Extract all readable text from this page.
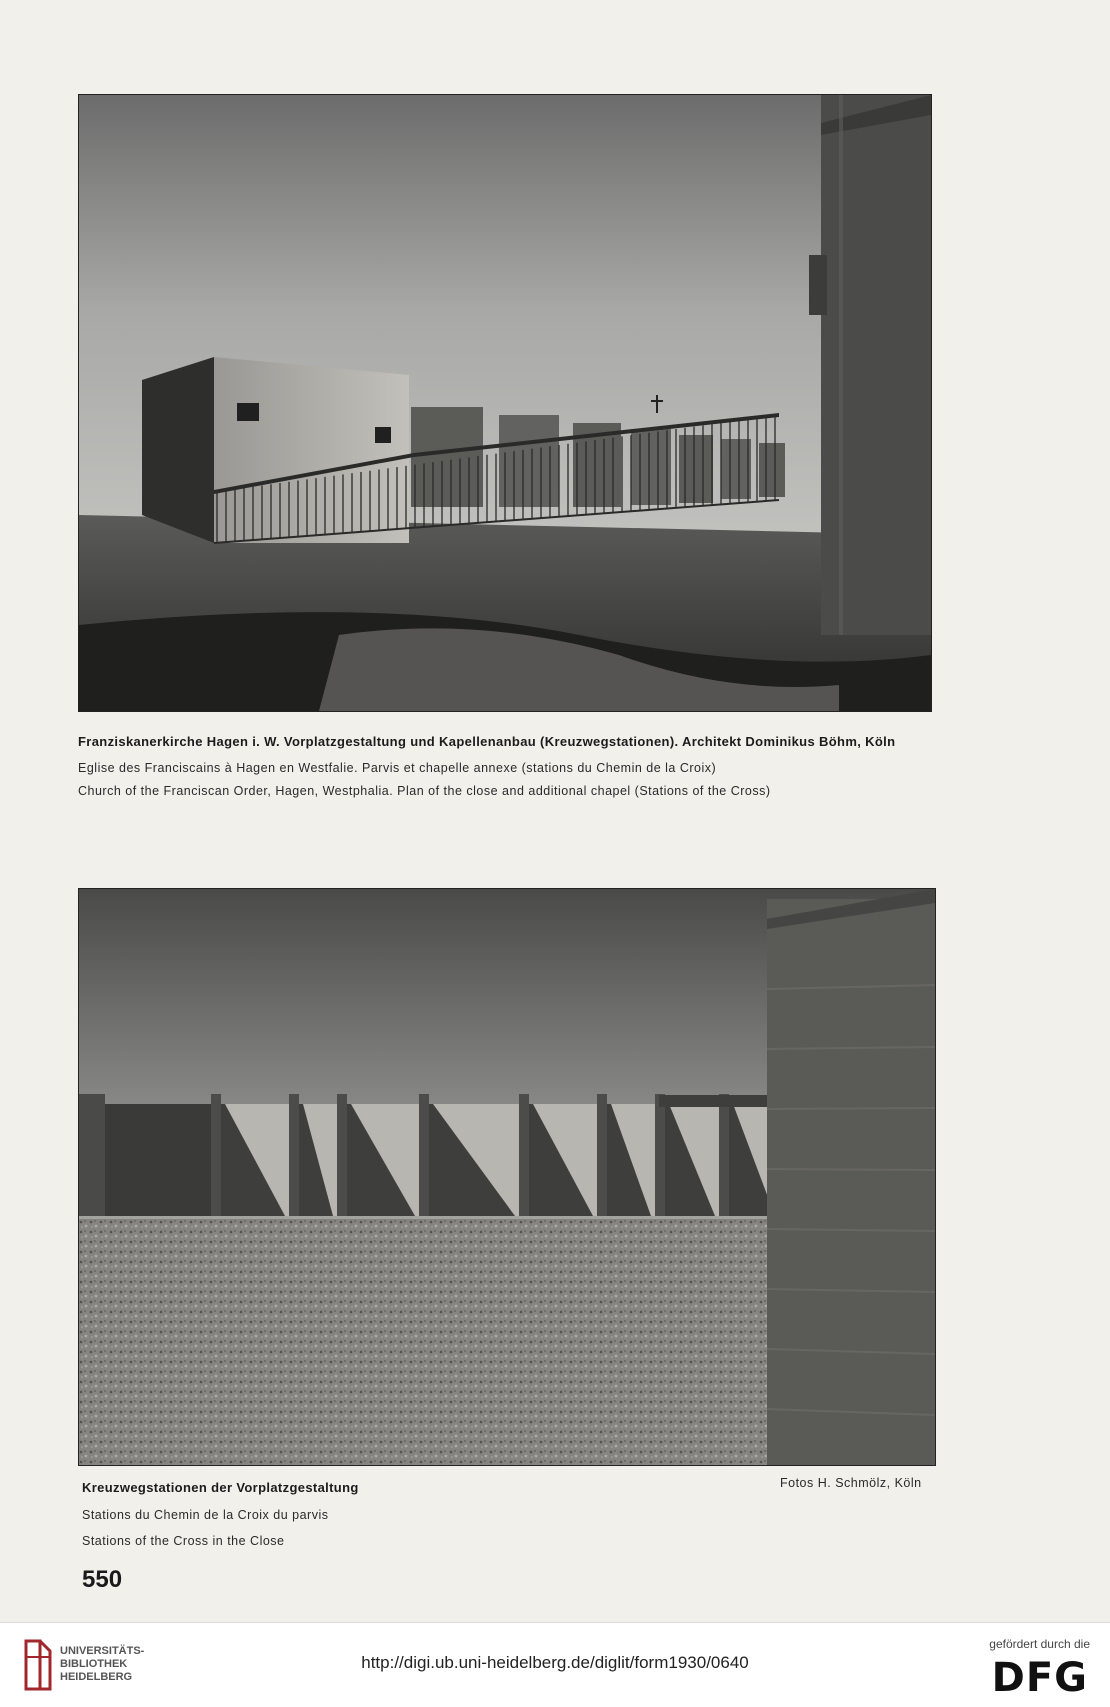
Franziskanerkirche Hagen i. W. Vorplatzgestaltung und Kapellenanbau (Kreuzwegstationen). Architekt Dominikus Böhm, Köln
Eglise des Franciscains à Hagen en Westfalie. Parvis et chapelle annexe (stations du Chemin de la Croix)
Church of the Franciscan Order, Hagen, Westphalia. Plan of the close and additional chapel (Stations of the Cross)
Kreuzwegstationen der Vorplatzgestaltung	Fotos H. Schmölz, Köln
Stations du Chemin de la Croix du parvis
Stations of the Cross in the Close
550
UNIVERSITÄTS-
BIBLIOTHEK
HEIDELBERG
http://digi.ub.uni-heidelberg.de/diglit/form1930/0640
gefördert durch die
DFG
